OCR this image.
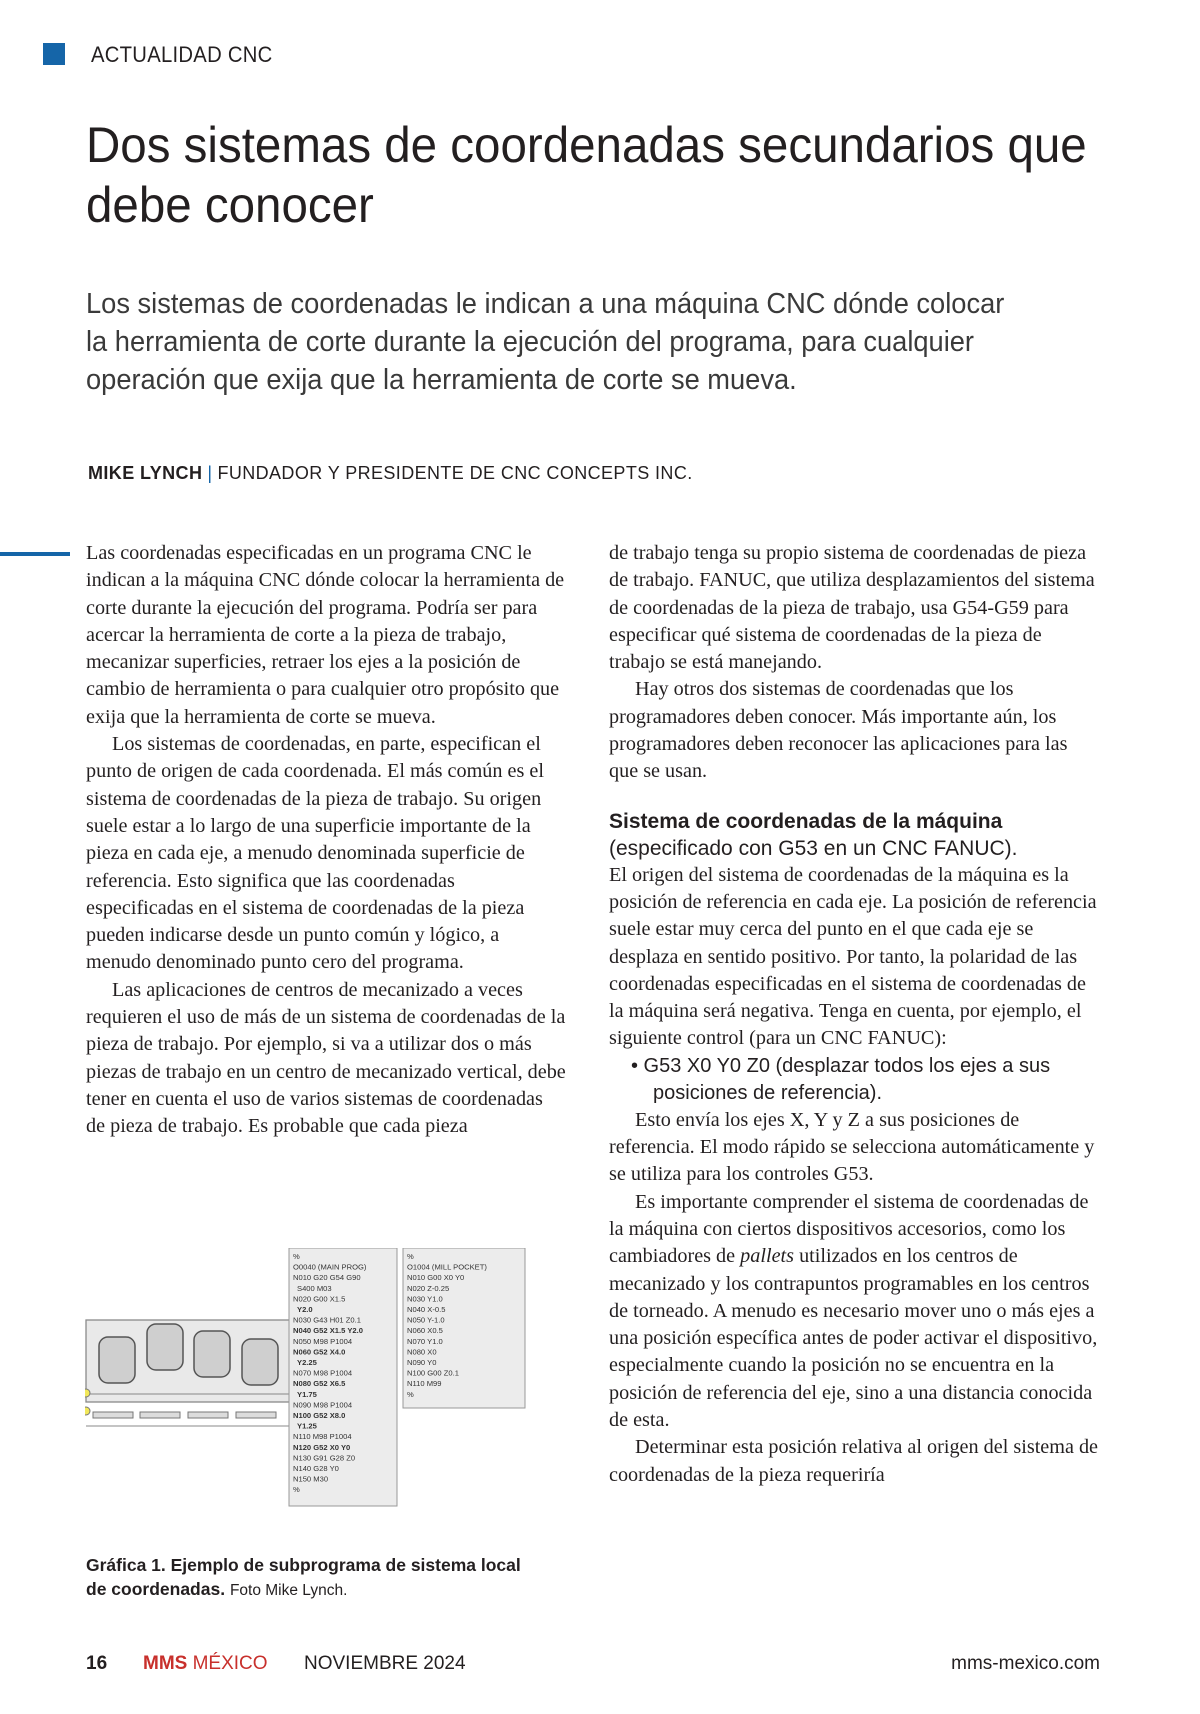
ACTUALIDAD CNC
Dos sistemas de coordenadas secundarios que debe conocer

Los sistemas de coordenadas le indican a una máquina CNC dónde colocar la herramienta de corte durante la ejecución del programa, para cualquier operación que exija que la herramienta de corte se mueva.

MIKE LYNCH | FUNDADOR Y PRESIDENTE DE CNC CONCEPTS INC.

Las coordenadas especificadas en un programa CNC le indican a la máquina CNC dónde colocar la herramienta de corte durante la ejecución del programa. Podría ser para acercar la herramienta de corte a la pieza de trabajo, mecanizar superficies, retraer los ejes a la posición de cambio de herramienta o para cualquier otro propósito que exija que la herramienta de corte se mueva.

Los sistemas de coordenadas, en parte, especifican el punto de origen de cada coordenada. El más común es el sistema de coordenadas de la pieza de trabajo. Su origen suele estar a lo largo de una superficie importante de la pieza en cada eje, a menudo denominada superficie de referencia. Esto significa que las coordenadas especificadas en el sistema de coordenadas de la pieza pueden indicarse desde un punto común y lógico, a menudo denominado punto cero del programa.

Las aplicaciones de centros de mecanizado a veces requieren el uso de más de un sistema de coordenadas de la pieza de trabajo. Por ejemplo, si va a utilizar dos o más piezas de trabajo en un centro de mecanizado vertical, debe tener en cuenta el uso de varios sistemas de coordenadas de pieza de trabajo. Es probable que cada pieza

de trabajo tenga su propio sistema de coordenadas de pieza de trabajo. FANUC, que utiliza desplazamientos del sistema de coordenadas de la pieza de trabajo, usa G54-G59 para especificar qué sistema de coordenadas de la pieza de trabajo se está manejando.

Hay otros dos sistemas de coordenadas que los programadores deben conocer. Más importante aún, los programadores deben reconocer las aplicaciones para las que se usan.

Sistema de coordenadas de la máquina
(especificado con G53 en un CNC FANUC).

El origen del sistema de coordenadas de la máquina es la posición de referencia en cada eje. La posición de referencia suele estar muy cerca del punto en el que cada eje se desplaza en sentido positivo. Por tanto, la polaridad de las coordenadas especificadas en el sistema de coordenadas de la máquina será negativa. Tenga en cuenta, por ejemplo, el siguiente control (para un CNC FANUC):

• G53 X0 Y0 Z0 (desplazar todos los ejes a sus posiciones de referencia).

Esto envía los ejes X, Y y Z a sus posiciones de referencia. El modo rápido se selecciona automáticamente y se utiliza para los controles G53.

Es importante comprender el sistema de coordenadas de la máquina con ciertos dispositivos accesorios, como los cambiadores de pallets utilizados en los centros de mecanizado y los contrapuntos programables en los centros de torneado. A menudo es necesario mover uno o más ejes a una posición específica antes de poder activar el dispositivo, especialmente cuando la posición no se encuentra en la posición de referencia del eje, sino a una distancia conocida de esta.

Determinar esta posición relativa al origen del sistema de coordenadas de la pieza requeriría

%
O0040 (MAIN PROG)
N010 G20 G54 G90
S400 M03
N020 G00 X1.5
Y2.0
N030 G43 H01 Z0.1
N040 G52 X1.5 Y2.0
N050 M98 P1004
N060 G52 X4.0
Y2.25
N070 M98 P1004
N080 G52 X6.5
Y1.75
N090 M98 P1004
N100 G52 X8.0
Y1.25
N110 M98 P1004
N120 G52 X0 Y0
N130 G91 G28 Z0
N140 G28 Y0
N150 M30
%
%
O1004 (MILL POCKET)
N010 G00 X0 Y0
N020 Z-0.25
N030 Y1.0
N040 X-0.5
N050 Y-1.0
N060 X0.5
N070 Y1.0
N080 X0
N090 Y0
N100 G00 Z0.1
N110 M99
%
Gráfica 1. Ejemplo de subprograma de sistema local de coordenadas. Foto Mike Lynch.
16 MMS MÉXICO NOVIEMBRE 2024	mms-mexico.com
